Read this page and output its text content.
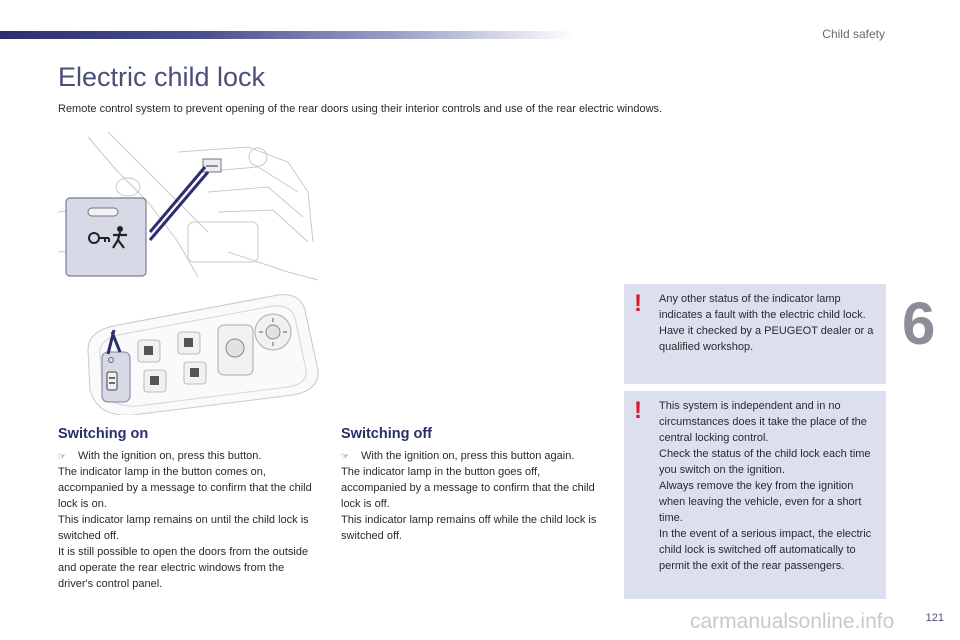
Child safety
Electric child lock

Remote control system to prevent opening of the rear doors using their interior controls and use of the rear electric windows.

Switching on
☞	With the ignition on, press this button.

The indicator lamp in the button comes on, accompanied by a message to confirm that the child lock is on.

This indicator lamp remains on until the child lock is switched off.

It is still possible to open the doors from the outside and operate the rear electric windows from the driver's control panel.

Switching off
☞	With the ignition on, press this button again.

The indicator lamp in the button goes off, accompanied by a message to confirm that the child lock is off.

This indicator lamp remains off while the child lock is switched off.

! Any other status of the indicator lamp indicates a fault with the electric child lock.

Have it checked by a PEUGEOT dealer or a qualified workshop.

! This system is independent and in no circumstances does it take the place of the central locking control.

Check the status of the child lock each time you switch on the ignition.

Always remove the key from the ignition when leaving the vehicle, even for a short time.

In the event of a serious impact, the electric child lock is switched off automatically to permit the exit of the rear passengers.

6
carmanualsonline.info	121
